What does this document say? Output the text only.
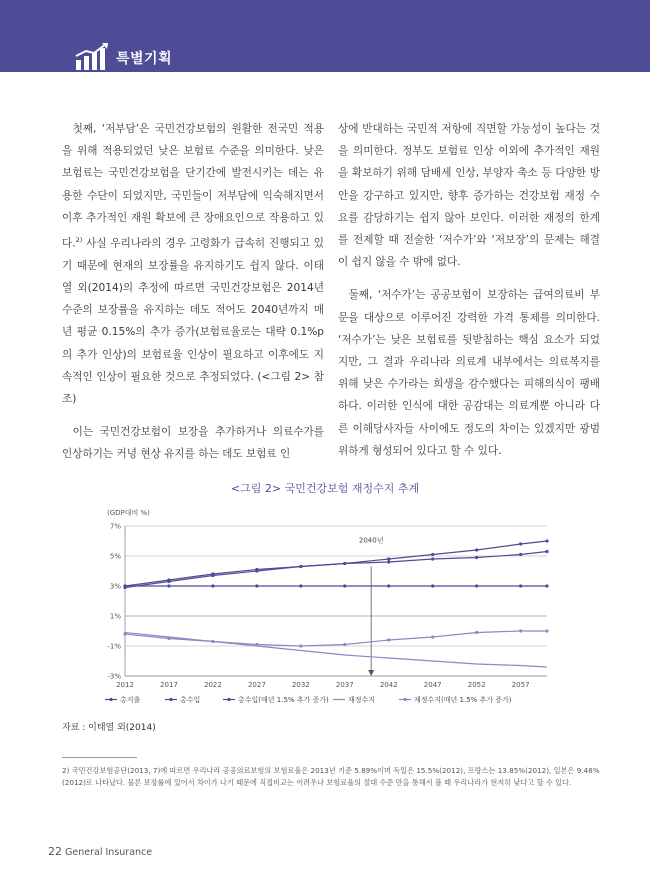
특별기획

첫째, ‘저부담’은 국민건강보험의 원활한 전국민 적용을 위해 적용되었던 낮은 보험료 수준을 의미한다. 낮은 보험료는 국민건강보험을 단기간에 발전시키는 데는 유용한 수단이 되었지만, 국민들이 저부담에 익숙해지면서 이후 추가적인 재원 확보에 큰 장애요인으로 작용하고 있다.$^{2)}$ 사실 우리나라의 경우 고령화가 급속히 진행되고 있기 때문에 현재의 보장률을 유지하기도 쉽지 않다. 이태열 외(2014)의 추정에 따르면 국민건강보험은 2014년 수준의 보장률을 유지하는 데도 적어도 2040년까지 매년 평균 0.15%의 추가 증가(보험료율로는 대략 0.1%p의 추가 인상)의 보험료율 인상이 필요하고 이후에도 지속적인 인상이 필요한 것으로 추정되었다. (<그림 2> 참조)

이는 국민건강보험이 보장을 추가하거나 의료수가를 인상하기는 커녕 현상 유지를 하는 데도 보험료 인

상에 반대하는 국민적 저항에 직면할 가능성이 높다는 것을 의미한다. 정부도 보험료 인상 이외에 추가적인 재원을 확보하기 위해 담배세 인상, 부양자 축소 등 다양한 방안을 강구하고 있지만, 향후 증가하는 건강보험 재정 수요를 감당하기는 쉽지 않아 보인다. 이러한 재정의 한계를 전제할 때 전술한 ‘저수가’와 ‘저보장’의 문제는 해결이 쉽지 않을 수 밖에 없다.

둘째, ‘저수가’는 공공보험이 보장하는 급여의료비 부문을 대상으로 이루어진 강력한 가격 통제를 의미한다. ‘저수가’는 낮은 보험료를 뒷받침하는 핵심 요소가 되었지만, 그 결과 우리나라 의료계 내부에서는 의료복지를 위해 낮은 수가라는 희생을 감수했다는 피해의식이 팽배하다. 이러한 인식에 대한 공감대는 의료계뿐 아니라 다른 이해당사자들 사이에도 정도의 차이는 있겠지만 광범위하게 형성되어 있다고 할 수 있다.

<그림 2> 국민건강보험 재정수지 추계
(GDP대비 %)
7%
5%
3%
1%
-1%
-3%
2012	2017	2022	2027	2032	2037	2042	2047	2052	2057
2040년
총지출	총수입	총수입(매년 1.5% 추가 증가)	재정수지	재정수지(매년 1.5% 추가 증가)
자료 : 이태열 외(2014)
2) 국민건강보험공단(2013, 7)에 따르면 우리나라 공공의료보험의 보험료율은 2013년 기준 5.89%이며 독일은 15.5%(2012), 프랑스는 13.85%(2012), 일본은 9.48%(2012)로 나타났다. 물론 보장률에 있어서 차이가 나기 때문에 직접비교는 어려우나 보험료율의 절대 수준 만을 통해서 볼 때 우리나라가 현저히 낮다고 할 수 있다.
22 General Insurance
